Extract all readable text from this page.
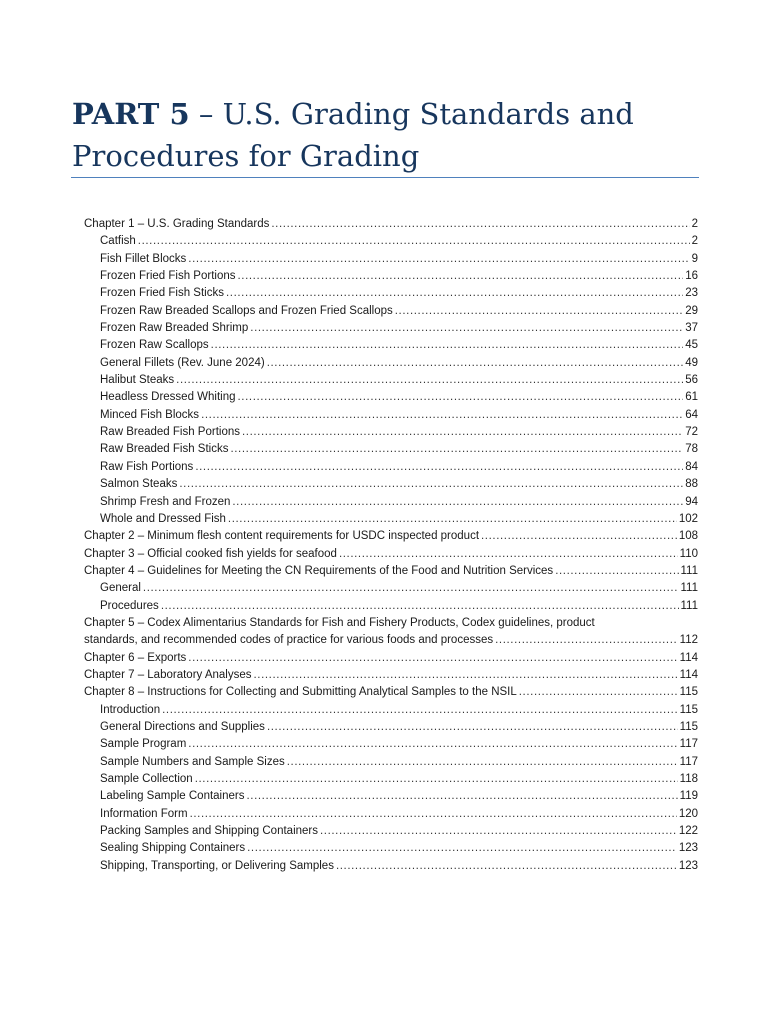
PART 5 – U.S. Grading Standards and
Procedures for Grading
Chapter 1 – U.S. Grading Standards .....	2
Catfish .....	2
Fish Fillet Blocks .....	9
Frozen Fried Fish Portions .....	16
Frozen Fried Fish Sticks .....	23
Frozen Raw Breaded Scallops and Frozen Fried Scallops .....	29
Frozen Raw Breaded Shrimp .....	37
Frozen Raw Scallops .....	45
General Fillets (Rev. June 2024) .....	49
Halibut Steaks .....	56
Headless Dressed Whiting .....	61
Minced Fish Blocks .....	64
Raw Breaded Fish Portions .....	72
Raw Breaded Fish Sticks .....	78
Raw Fish Portions .....	84
Salmon Steaks .....	88
Shrimp Fresh and Frozen .....	94
Whole and Dressed Fish .....	102
Chapter 2 – Minimum flesh content requirements for USDC inspected product .....	108
Chapter 3 – Official cooked fish yields for seafood .....	110
Chapter 4 – Guidelines for Meeting the CN Requirements of the Food and Nutrition Services .....	111
General .....	111
Procedures .....	111
Chapter 5 – Codex Alimentarius Standards for Fish and Fishery Products, Codex guidelines, product
standards, and recommended codes of practice for various foods and processes .....	112
Chapter 6 – Exports .....	114
Chapter 7 – Laboratory Analyses .....	114
Chapter 8 – Instructions for Collecting and Submitting Analytical Samples to the NSIL .....	115
Introduction .....	115
General Directions and Supplies .....	115
Sample Program .....	117
Sample Numbers and Sample Sizes .....	117
Sample Collection .....	118
Labeling Sample Containers .....	119
Information Form .....	120
Packing Samples and Shipping Containers .....	122
Sealing Shipping Containers .....	123
Shipping, Transporting, or Delivering Samples .....	123
